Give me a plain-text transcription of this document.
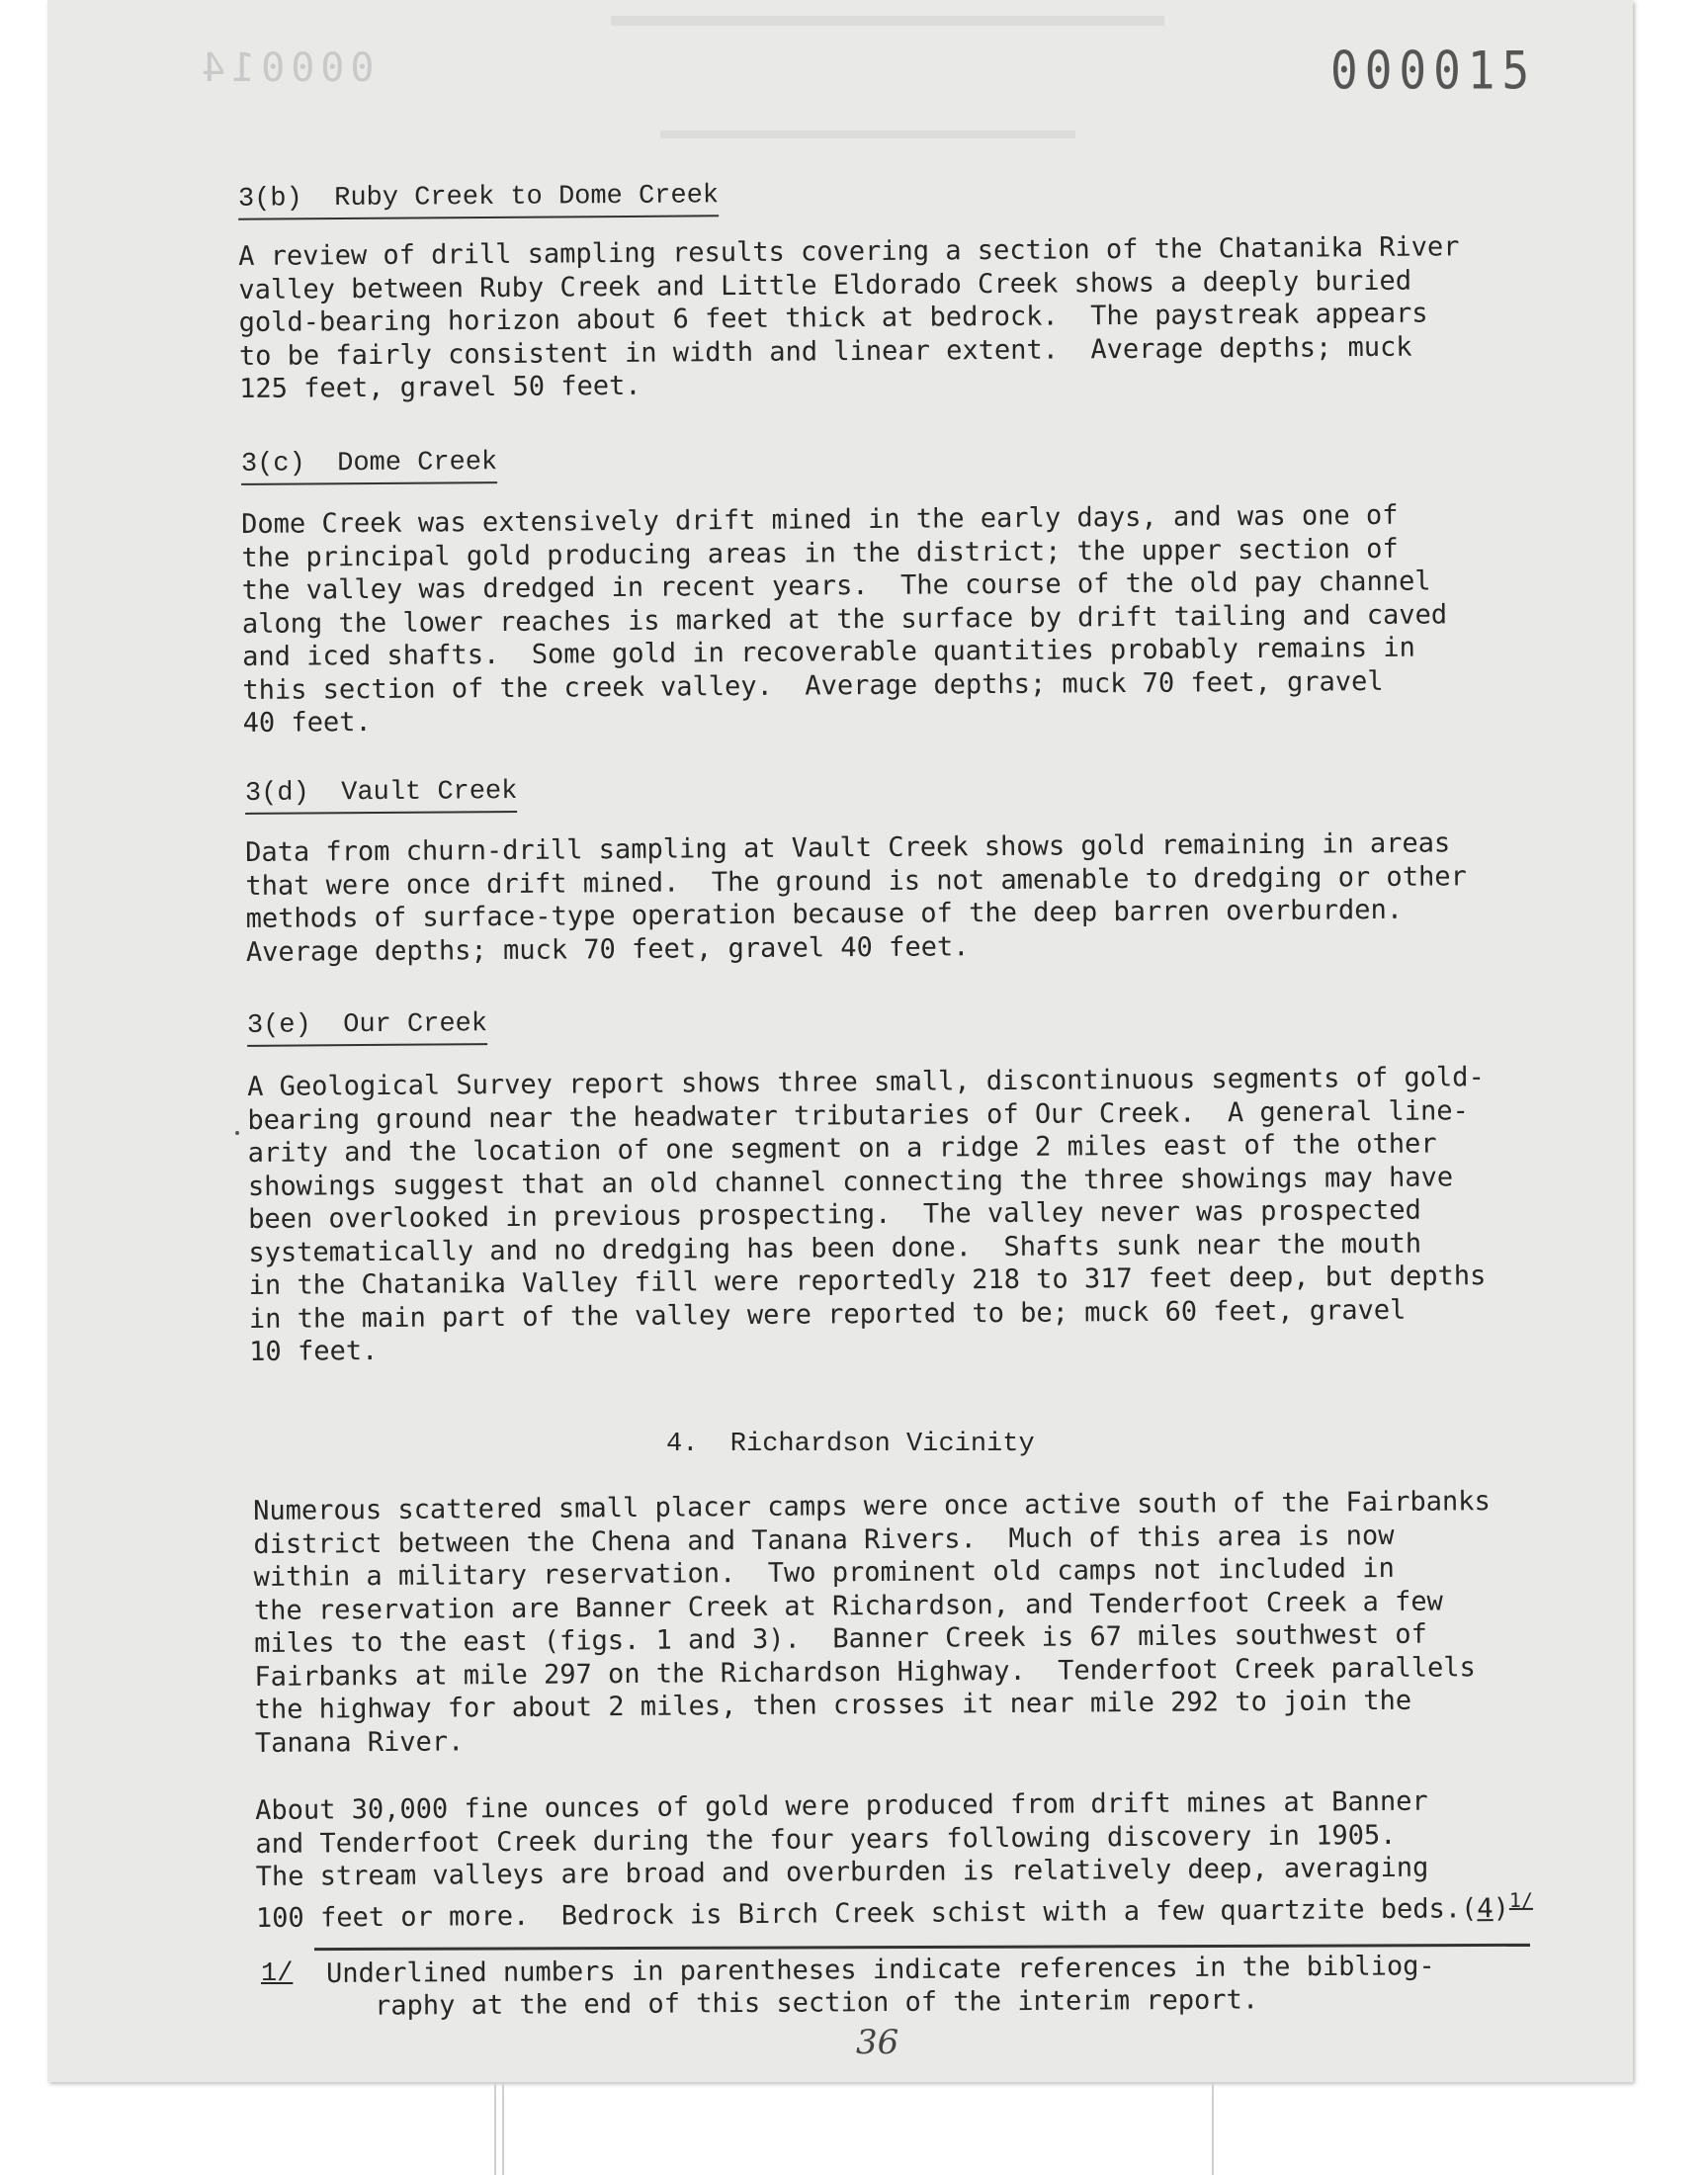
000014	000015
3(b)  Ruby Creek to Dome Creek
A review of drill sampling results covering a section of the Chatanika River
valley between Ruby Creek and Little Eldorado Creek shows a deeply buried
gold-bearing horizon about 6 feet thick at bedrock.  The paystreak appears
to be fairly consistent in width and linear extent.  Average depths; muck
125 feet, gravel 50 feet.
3(c)  Dome Creek
Dome Creek was extensively drift mined in the early days, and was one of
the principal gold producing areas in the district; the upper section of
the valley was dredged in recent years.  The course of the old pay channel
along the lower reaches is marked at the surface by drift tailing and caved
and iced shafts.  Some gold in recoverable quantities probably remains in
this section of the creek valley.  Average depths; muck 70 feet, gravel
40 feet.
3(d)  Vault Creek
Data from churn-drill sampling at Vault Creek shows gold remaining in areas
that were once drift mined.  The ground is not amenable to dredging or other
methods of surface-type operation because of the deep barren overburden.
Average depths; muck 70 feet, gravel 40 feet.
3(e)  Our Creek
A Geological Survey report shows three small, discontinuous segments of gold-
bearing ground near the headwater tributaries of Our Creek.  A general line-
arity and the location of one segment on a ridge 2 miles east of the other
showings suggest that an old channel connecting the three showings may have
been overlooked in previous prospecting.  The valley never was prospected
systematically and no dredging has been done.  Shafts sunk near the mouth
in the Chatanika Valley fill were reportedly 218 to 317 feet deep, but depths
in the main part of the valley were reported to be; muck 60 feet, gravel
10 feet.
4.  Richardson Vicinity
Numerous scattered small placer camps were once active south of the Fairbanks
district between the Chena and Tanana Rivers.  Much of this area is now
within a military reservation.  Two prominent old camps not included in
the reservation are Banner Creek at Richardson, and Tenderfoot Creek a few
miles to the east (figs. 1 and 3).  Banner Creek is 67 miles southwest of
Fairbanks at mile 297 on the Richardson Highway.  Tenderfoot Creek parallels
the highway for about 2 miles, then crosses it near mile 292 to join the
Tanana River.
About 30,000 fine ounces of gold were produced from drift mines at Banner
and Tenderfoot Creek during the four years following discovery in 1905.
The stream valleys are broad and overburden is relatively deep, averaging
100 feet or more.  Bedrock is Birch Creek schist with a few quartzite $beds.(4)^{1/}$
1/ Underlined numbers in parentheses indicate references in the bibliog-
raphy at the end of this section of the interim report.
36
